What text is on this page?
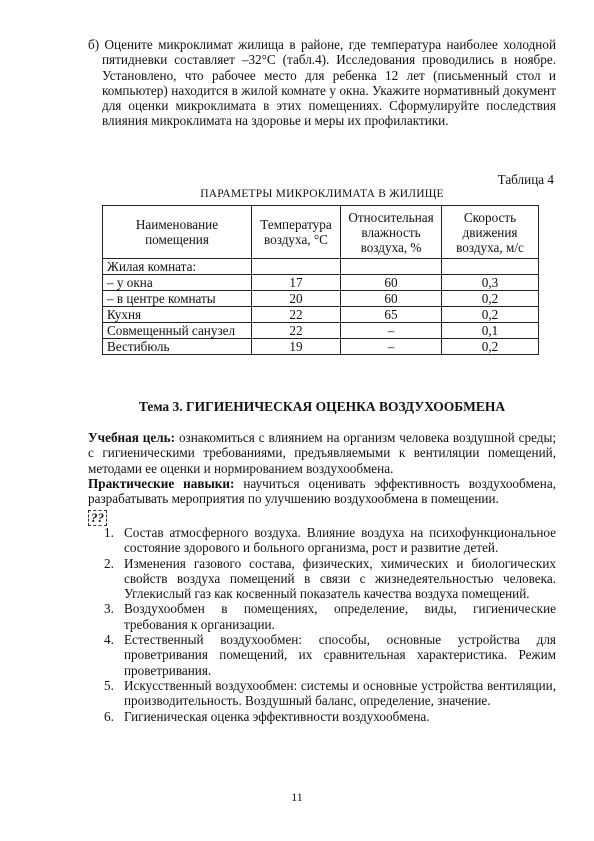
б) Оцените микроклимат жилища в районе, где температура наиболее холодной пятидневки составляет –32°С (табл.4). Исследования проводились в ноябре. Установлено, что рабочее место для ребенка 12 лет (письменный стол и компьютер) находится в жилой комнате у окна. Укажите нормативный документ для оценки микроклимата в этих помещениях. Сформулируйте последствия влияния микроклимата на здоровье и меры их профилактики.
Таблица 4
ПАРАМЕТРЫ МИКРОКЛИМАТА В ЖИЛИЩЕ
Наименование помещения	Температура воздуха, °С	Относительная влажность воздуха, %	Скорость движения воздуха, м/с
Жилая комната:			
– у окна	17	60	0,3
– в центре комнаты	20	60	0,2
Кухня	22	65	0,2
Совмещенный санузел	22	–	0,1
Вестибюль	19	–	0,2
Тема 3. ГИГИЕНИЧЕСКАЯ ОЦЕНКА ВОЗДУХООБМЕНА
Учебная цель: ознакомиться с влиянием на организм человека воздушной среды; с гигиеническими требованиями, предъявляемыми к вентиляции помещений, методами ее оценки и нормированием воздухообмена.
Практические навыки: научиться оценивать эффективность воздухообмена, разрабатывать мероприятия по улучшению воздухообмена в помещении.
??
1. Состав атмосферного воздуха. Влияние воздуха на психофункциональное состояние здорового и больного организма, рост и развитие детей.
2. Изменения газового состава, физических, химических и биологических свойств воздуха помещений в связи с жизнедеятельностью человека. Углекислый газ как косвенный показатель качества воздуха помещений.
3. Воздухообмен в помещениях, определение, виды, гигиенические требования к организации.
4. Естественный воздухообмен: способы, основные устройства для проветривания помещений, их сравнительная характеристика. Режим проветривания.
5. Искусственный воздухообмен: системы и основные устройства вентиляции, производительность. Воздушный баланс, определение, значение.
6. Гигиеническая оценка эффективности воздухообмена.
11
